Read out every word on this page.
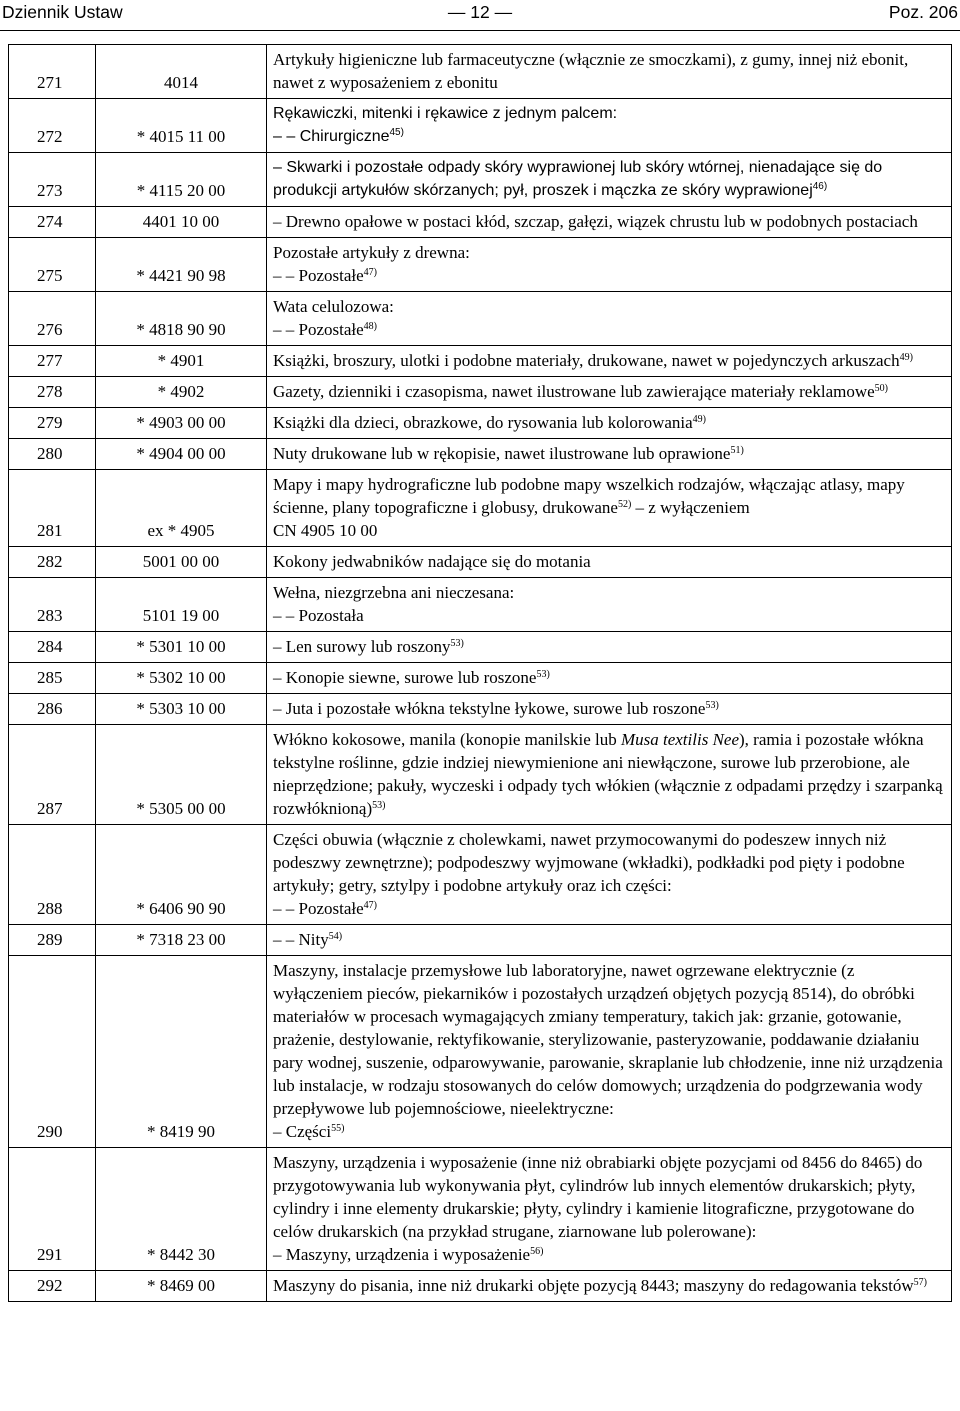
Dziennik Ustaw	— 12 —	Poz. 206
271	4014	Artykuły higieniczne lub farmaceutyczne (włącznie ze smoczkami), z gumy, innej niż ebonit, nawet z wyposażeniem z ebonitu

272	* 4015 11 00	Rękawiczki, mitenki i rękawice z jednym palcem:
– – Chirurgiczne$^{45)}$

273	* 4115 20 00	– Skwarki i pozostałe odpady skóry wyprawionej lub skóry wtórnej, nienadające się do produkcji artykułów skórzanych; pył, proszek i mączka ze skóry wyprawionej$^{46)}$

274	4401 10 00	– Drewno opałowe w postaci kłód, szczap, gałęzi, wiązek chrustu lub w podobnych postaciach

275	* 4421 90 98	Pozostałe artykuły z drewna:
– – Pozostałe$^{47)}$

276	* 4818 90 90	Wata celulozowa:
– – Pozostałe$^{48)}$

277	* 4901	Książki, broszury, ulotki i podobne materiały, drukowane, nawet w pojedynczych arkuszach$^{49)}$

278	* 4902	Gazety, dzienniki i czasopisma, nawet ilustrowane lub zawierające materiały reklamowe$^{50)}$

279	* 4903 00 00	Książki dla dzieci, obrazkowe, do rysowania lub kolorowania$^{49)}$

280	* 4904 00 00	Nuty drukowane lub w rękopisie, nawet ilustrowane lub oprawione$^{51)}$

281	ex * 4905	Mapy i mapy hydrograficzne lub podobne mapy wszelkich rodzajów, włączając atlasy, mapy ścienne, plany topograficzne i globusy, drukowane$^{52)}$ – z wyłączeniem
CN 4905 10 00

282	5001 00 00	Kokony jedwabników nadające się do motania

283	5101 19 00	Wełna, niezgrzebna ani nieczesana:
– – Pozostała

284	* 5301 10 00	– Len surowy lub roszony$^{53)}$

285	* 5302 10 00	– Konopie siewne, surowe lub roszone$^{53)}$

286	* 5303 10 00	– Juta i pozostałe włókna tekstylne łykowe, surowe lub roszone$^{53)}$

287	* 5305 00 00	Włókno kokosowe, manila (konopie manilskie lub Musa textilis Nee), ramia i pozostałe włókna tekstylne roślinne, gdzie indziej niewymienione ani niewłączone, surowe lub przerobione, ale nieprzędzione; pakuły, wyczeski i odpady tych włókien (włącznie z odpadami przędzy i szarpanką rozwłóknioną)$^{53)}$

288	* 6406 90 90	Części obuwia (włącznie z cholewkami, nawet przymocowanymi do podeszew innych niż podeszwy zewnętrzne); podpodeszwy wyjmowane (wkładki), podkładki pod pięty i podobne artykuły; getry, sztylpy i podobne artykuły oraz ich części:
– – Pozostałe$^{47)}$

289	* 7318 23 00	– – Nity$^{54)}$

290	* 8419 90	Maszyny, instalacje przemysłowe lub laboratoryjne, nawet ogrzewane elektrycznie (z wyłączeniem pieców, piekarników i pozostałych urządzeń objętych pozycją 8514), do obróbki materiałów w procesach wymagających zmiany temperatury, takich jak: grzanie, gotowanie, prażenie, destylowanie, rektyfikowanie, sterylizowanie, pasteryzowanie, poddawanie działaniu pary wodnej, suszenie, odparowywanie, parowanie, skraplanie lub chłodzenie, inne niż urządzenia lub instalacje, w rodzaju stosowanych do celów domowych; urządzenia do podgrzewania wody przepływowe lub pojemnościowe, nieelektryczne:
– Części$^{55)}$

291	* 8442 30	Maszyny, urządzenia i wyposażenie (inne niż obrabiarki objęte pozycjami od 8456 do 8465) do przygotowywania lub wykonywania płyt, cylindrów lub innych elementów drukarskich; płyty, cylindry i inne elementy drukarskie; płyty, cylindry i kamienie litograficzne, przygotowane do celów drukarskich (na przykład strugane, ziarnowane lub polerowane):
– Maszyny, urządzenia i wyposażenie$^{56)}$

292	* 8469 00	Maszyny do pisania, inne niż drukarki objęte pozycją 8443; maszyny do redagowania tekstów$^{57)}$
